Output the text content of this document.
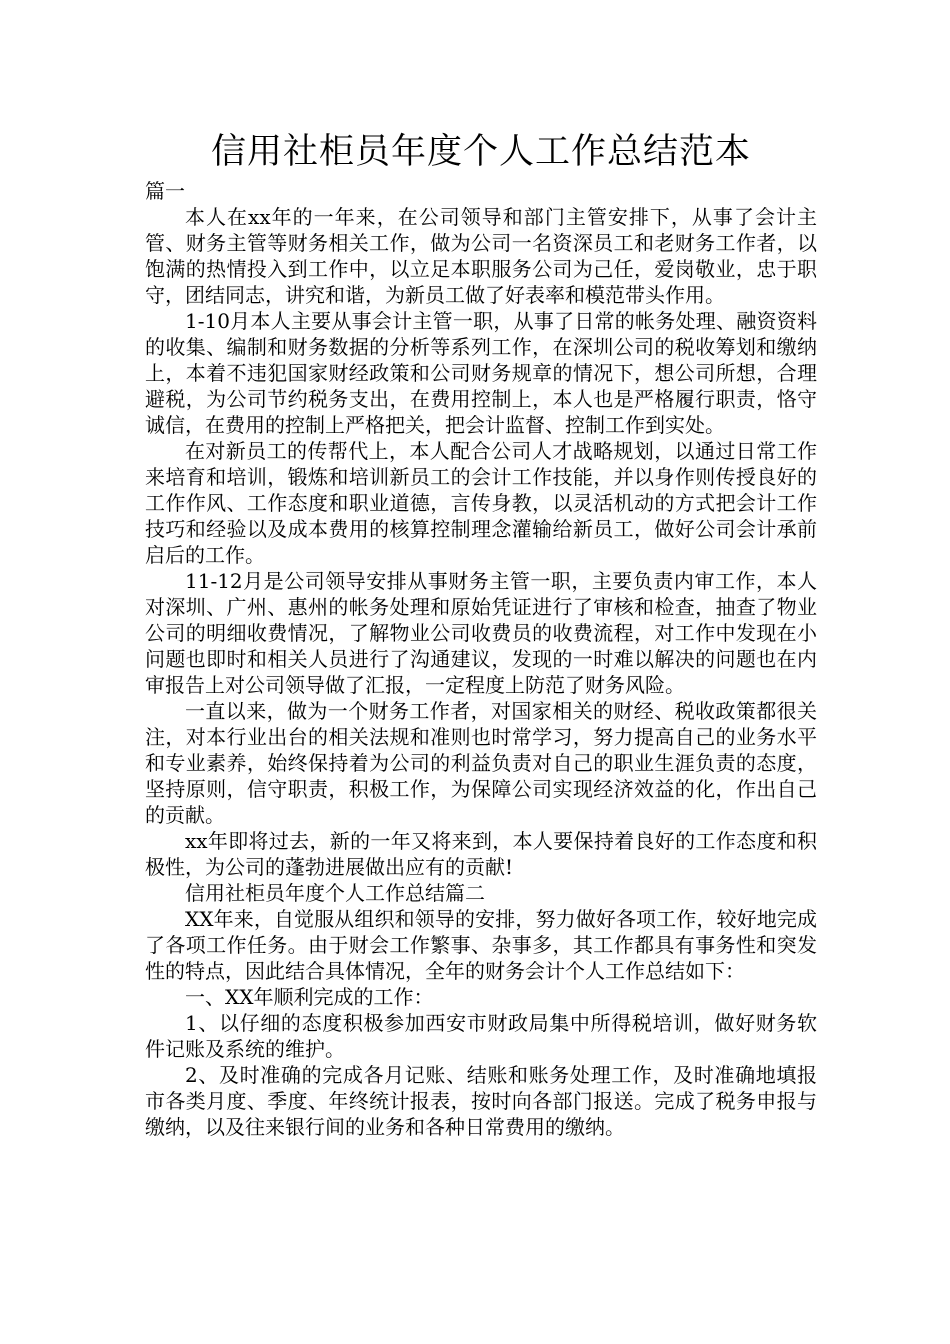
信用社柜员年度个人工作总结范本

篇一

本人在xx年的一年来，在公司领导和部门主管安排下，从事了会计主管、财务主管等财务相关工作，做为公司一名资深员工和老财务工作者，以饱满的热情投入到工作中，以立足本职服务公司为己任，爱岗敬业，忠于职守，团结同志，讲究和谐，为新员工做了好表率和模范带头作用。

1-10月本人主要从事会计主管一职，从事了日常的帐务处理、融资资料的收集、编制和财务数据的分析等系列工作，在深圳公司的税收筹划和缴纳上，本着不违犯国家财经政策和公司财务规章的情况下，想公司所想，合理避税，为公司节约税务支出，在费用控制上，本人也是严格履行职责，恪守诚信，在费用的控制上严格把关，把会计监督、控制工作到实处。

在对新员工的传帮代上，本人配合公司人才战略规划，以通过日常工作来培育和培训，锻炼和培训新员工的会计工作技能，并以身作则传授良好的工作作风、工作态度和职业道德，言传身教，以灵活机动的方式把会计工作技巧和经验以及成本费用的核算控制理念灌输给新员工，做好公司会计承前启后的工作。

11-12月是公司领导安排从事财务主管一职，主要负责内审工作，本人对深圳、广州、惠州的帐务处理和原始凭证进行了审核和检查，抽查了物业公司的明细收费情况，了解物业公司收费员的收费流程，对工作中发现在小问题也即时和相关人员进行了沟通建议，发现的一时难以解决的问题也在内审报告上对公司领导做了汇报，一定程度上防范了财务风险。

一直以来，做为一个财务工作者，对国家相关的财经、税收政策都很关注，对本行业出台的相关法规和准则也时常学习，努力提高自己的业务水平和专业素养，始终保持着为公司的利益负责对自己的职业生涯负责的态度，坚持原则，信守职责，积极工作，为保障公司实现经济效益的化，作出自己的贡献。

xx年即将过去，新的一年又将来到，本人要保持着良好的工作态度和积极性，为公司的蓬勃进展做出应有的贡献!

信用社柜员年度个人工作总结篇二

XX年来，自觉服从组织和领导的安排，努力做好各项工作，较好地完成了各项工作任务。由于财会工作繁事、杂事多，其工作都具有事务性和突发性的特点，因此结合具体情况，全年的财务会计个人工作总结如下：

一、XX年顺利完成的工作：

1、以仔细的态度积极参加西安市财政局集中所得税培训，做好财务软件记账及系统的维护。

2、及时准确的完成各月记账、结账和账务处理工作，及时准确地填报市各类月度、季度、年终统计报表，按时向各部门报送。完成了税务申报与缴纳，以及往来银行间的业务和各种日常费用的缴纳。
